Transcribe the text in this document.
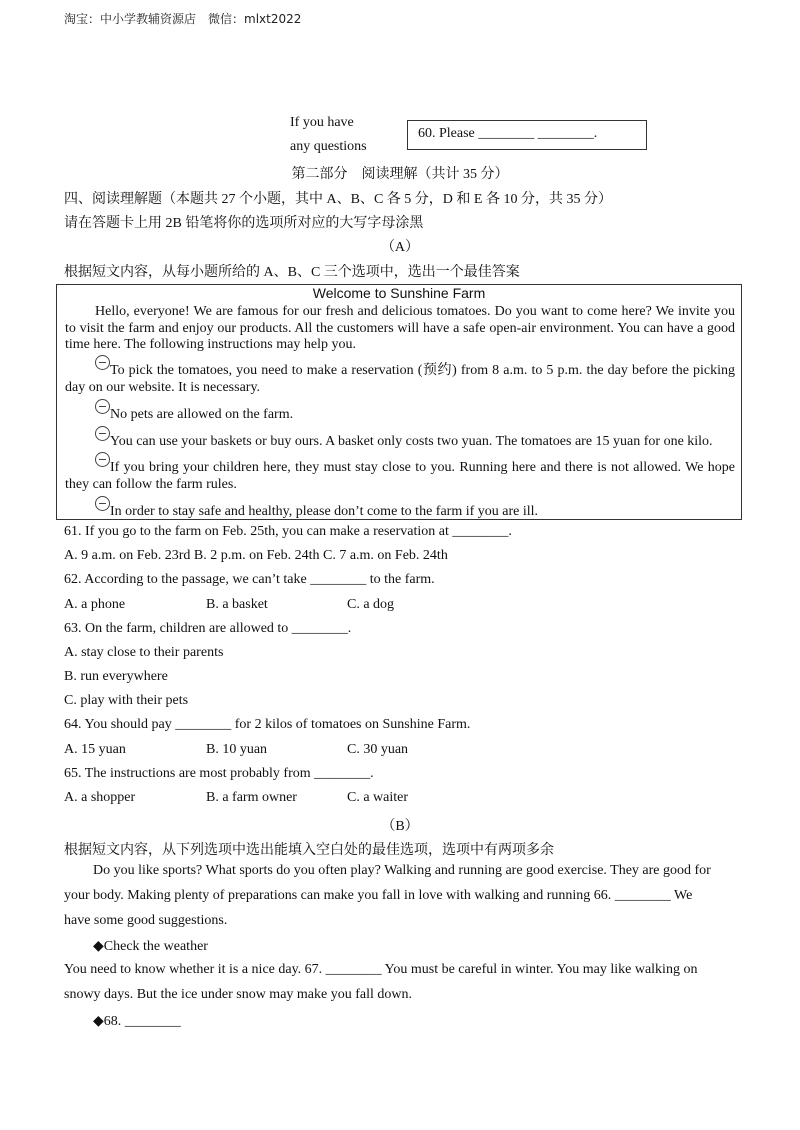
淘宝：中小学教辅资源店　微信：mlxt2022
If you have
any questions
60. Please ________ ________.
第二部分　阅读理解（共计 35 分）
四、阅读理解题（本题共 27 个小题，其中 A、B、C 各 5 分，D 和 E 各 10 分，共 35 分）
请在答题卡上用 2B 铅笔将你的选项所对应的大写字母涂黑
（A）
根据短文内容，从每小题所给的 A、B、C 三个选项中，选出一个最佳答案
Welcome to Sunshine Farm
Hello, everyone! We are famous for our fresh and delicious tomatoes. Do you want to come here? We invite you to visit the farm and enjoy our products. All the customers will have a safe open-air environment. You can have a good time here. The following instructions may help you.
To pick the tomatoes, you need to make a reservation (预约) from 8 a.m. to 5 p.m. the day before the picking day on our website. It is necessary.
No pets are allowed on the farm.
You can use your baskets or buy ours. A basket only costs two yuan. The tomatoes are 15 yuan for one kilo.
If you bring your children here, they must stay close to you. Running here and there is not allowed. We hope they can follow the farm rules.
In order to stay safe and healthy, please don’t come to the farm if you are ill.
61. If you go to the farm on Feb. 25th, you can make a reservation at ________.
A. 9 a.m. on Feb. 23rd B. 2 p.m. on Feb. 24th C. 7 a.m. on Feb. 24th
62. According to the passage, we can’t take ________ to the farm.
A. a phone	B. a basket	C. a dog
63. On the farm, children are allowed to ________.
A. stay close to their parents
B. run everywhere
C. play with their pets
64. You should pay ________ for 2 kilos of tomatoes on Sunshine Farm.
A. 15 yuan	B. 10 yuan	C. 30 yuan
65. The instructions are most probably from ________.
A. a shopper	B. a farm owner	C. a waiter
（B）
根据短文内容，从下列选项中选出能填入空白处的最佳选项，选项中有两项多余
Do you like sports? What sports do you often play? Walking and running are good exercise. They are good for
your body. Making plenty of preparations can make you fall in love with walking and running 66. ________ We
have some good suggestions.
◆Check the weather
You need to know whether it is a nice day. 67. ________ You must be careful in winter. You may like walking on
snowy days. But the ice under snow may make you fall down.
◆68. ________
